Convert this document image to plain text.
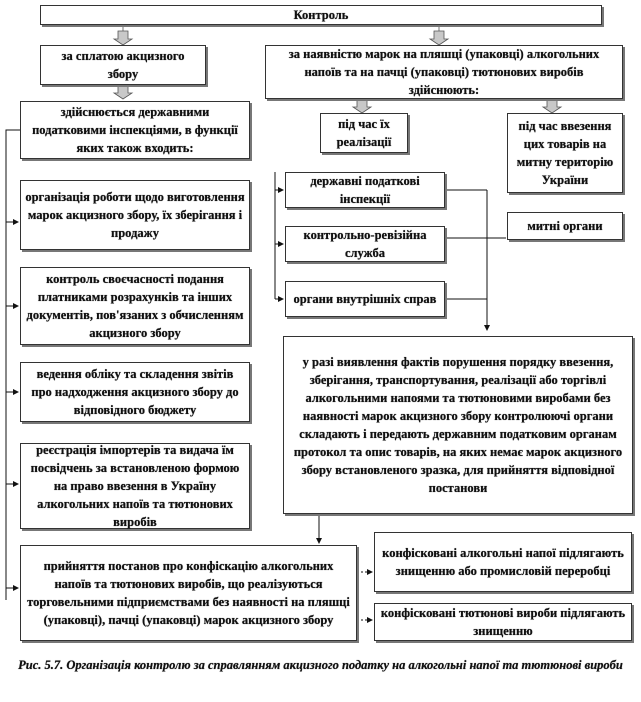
Контроль
за сплатою акцизного збору
за наявністю марок на пляшці (упаковці) алкогольних напоїв та на пачці (упаковці) тютюнових виробів здійснюють:
здійснюється державними податковими інспекціями, в функції яких також входить:
під час їх реалізації
під час ввезення цих товарів на митну територію України
організація роботи щодо виготовлення марок акцизного збору, їх зберігання і продажу
контроль своєчасності подання платниками розрахунків та інших документів, пов'язаних з обчисленням акцизного збору
ведення обліку та складення звітів про надходження акцизного збору до відповідного бюджету
реєстрація імпортерів та видача їм посвідчень за встановленою формою на право ввезення в Україну алкогольних напоїв та тютюнових виробів
державні податкові інспекції
контрольно-ревізійна служба
органи внутрішніх справ
митні органи
у разі виявлення фактів порушення порядку ввезення, зберігання, транспортування, реалізації або торгівлі алкогольними напоями та тютюновими виробами без наявності марок акцизного збору контролюючі органи складають і передають державним податковим органам протокол та опис товарів, на яких немає марок акцизного збору встановленого зразка, для прийняття відповідної постанови
прийняття постанов про конфіскацію алкогольних напоїв та тютюнових виробів, що реалізуються торговельними підприємствами без наявності на пляшці (упаковці), пачці (упаковці) марок акцизного збору
конфісковані алкогольні напої підлягають знищенню або промисловій переробці
конфісковані тютюнові вироби підлягають знищенню
Рис. 5.7. Організація контролю за справлянням акцизного податку на алкогольні напої та тютюнові вироби
